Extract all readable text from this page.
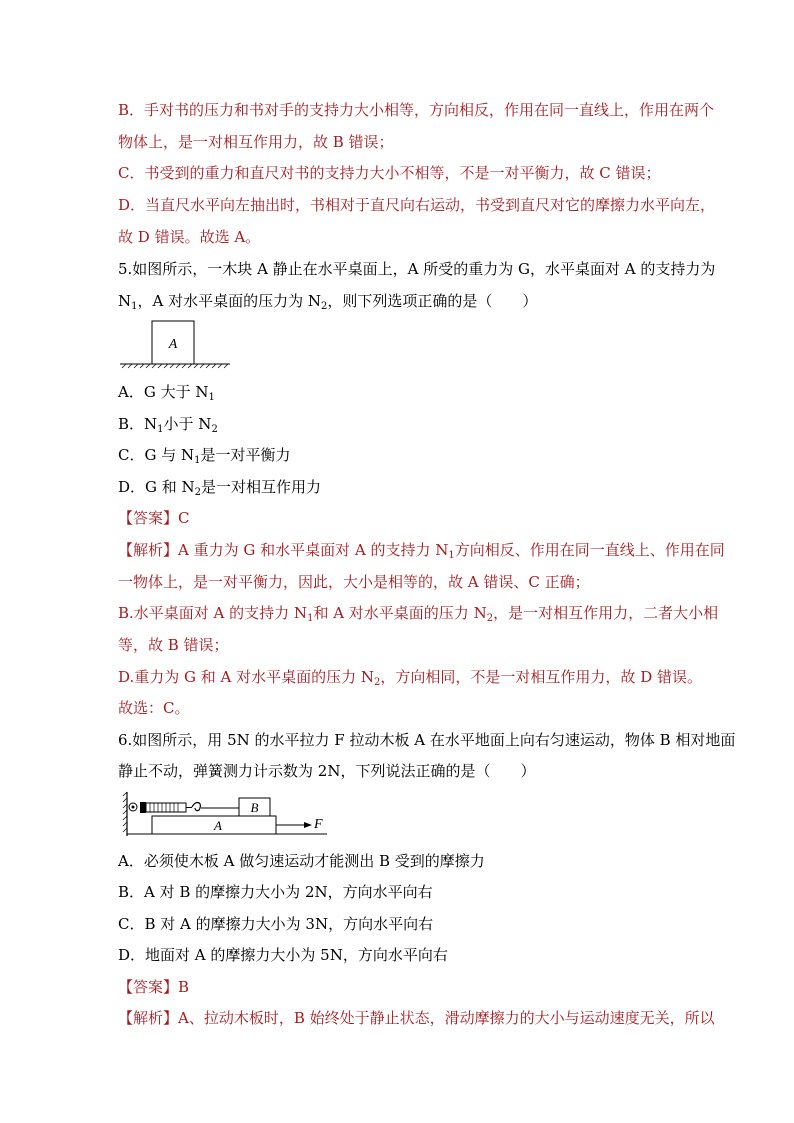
B．手对书的压力和书对手的支持力大小相等，方向相反，作用在同一直线上，作用在两个
物体上，是一对相互作用力，故 B 错误；
C．书受到的重力和直尺对书的支持力大小不相等，不是一对平衡力，故 C 错误；
D．当直尺水平向左抽出时，书相对于直尺向右运动，书受到直尺对它的摩擦力水平向左，
故 D 错误。故选 A。
5.如图所示，一木块 A 静止在水平桌面上，A 所受的重力为 G，水平桌面对 A 的支持力为
$N_1$，A 对水平桌面的压力为 $N_2$，则下列选项正确的是（　　）
A
A．G 大于 $N_1$
B．$N_1$小于 $N_2$
C．G 与 $N_1$是一对平衡力
D．G 和 $N_2$是一对相互作用力
【答案】C
【解析】A 重力为 G 和水平桌面对 A 的支持力 $N_1$方向相反、作用在同一直线上、作用在同
一物体上，是一对平衡力，因此，大小是相等的，故 A 错误、C 正确；
B.水平桌面对 A 的支持力 $N_1$和 A 对水平桌面的压力 $N_2$，是一对相互作用力，二者大小相
等，故 B 错误；
D.重力为 G 和 A 对水平桌面的压力 $N_2$，方向相同，不是一对相互作用力，故 D 错误。
故选：C。
6.如图所示，用 5N 的水平拉力 F 拉动木板 A 在水平地面上向右匀速运动，物体 B 相对地面
静止不动，弹簧测力计示数为 2N，下列说法正确的是（　　）
B
A	F
A．必须使木板 A 做匀速运动才能测出 B 受到的摩擦力
B．A 对 B 的摩擦力大小为 2N，方向水平向右
C．B 对 A 的摩擦力大小为 3N，方向水平向右
D．地面对 A 的摩擦力大小为 5N，方向水平向右
【答案】B
【解析】A、拉动木板时，B 始终处于静止状态，滑动摩擦力的大小与运动速度无关，所以
